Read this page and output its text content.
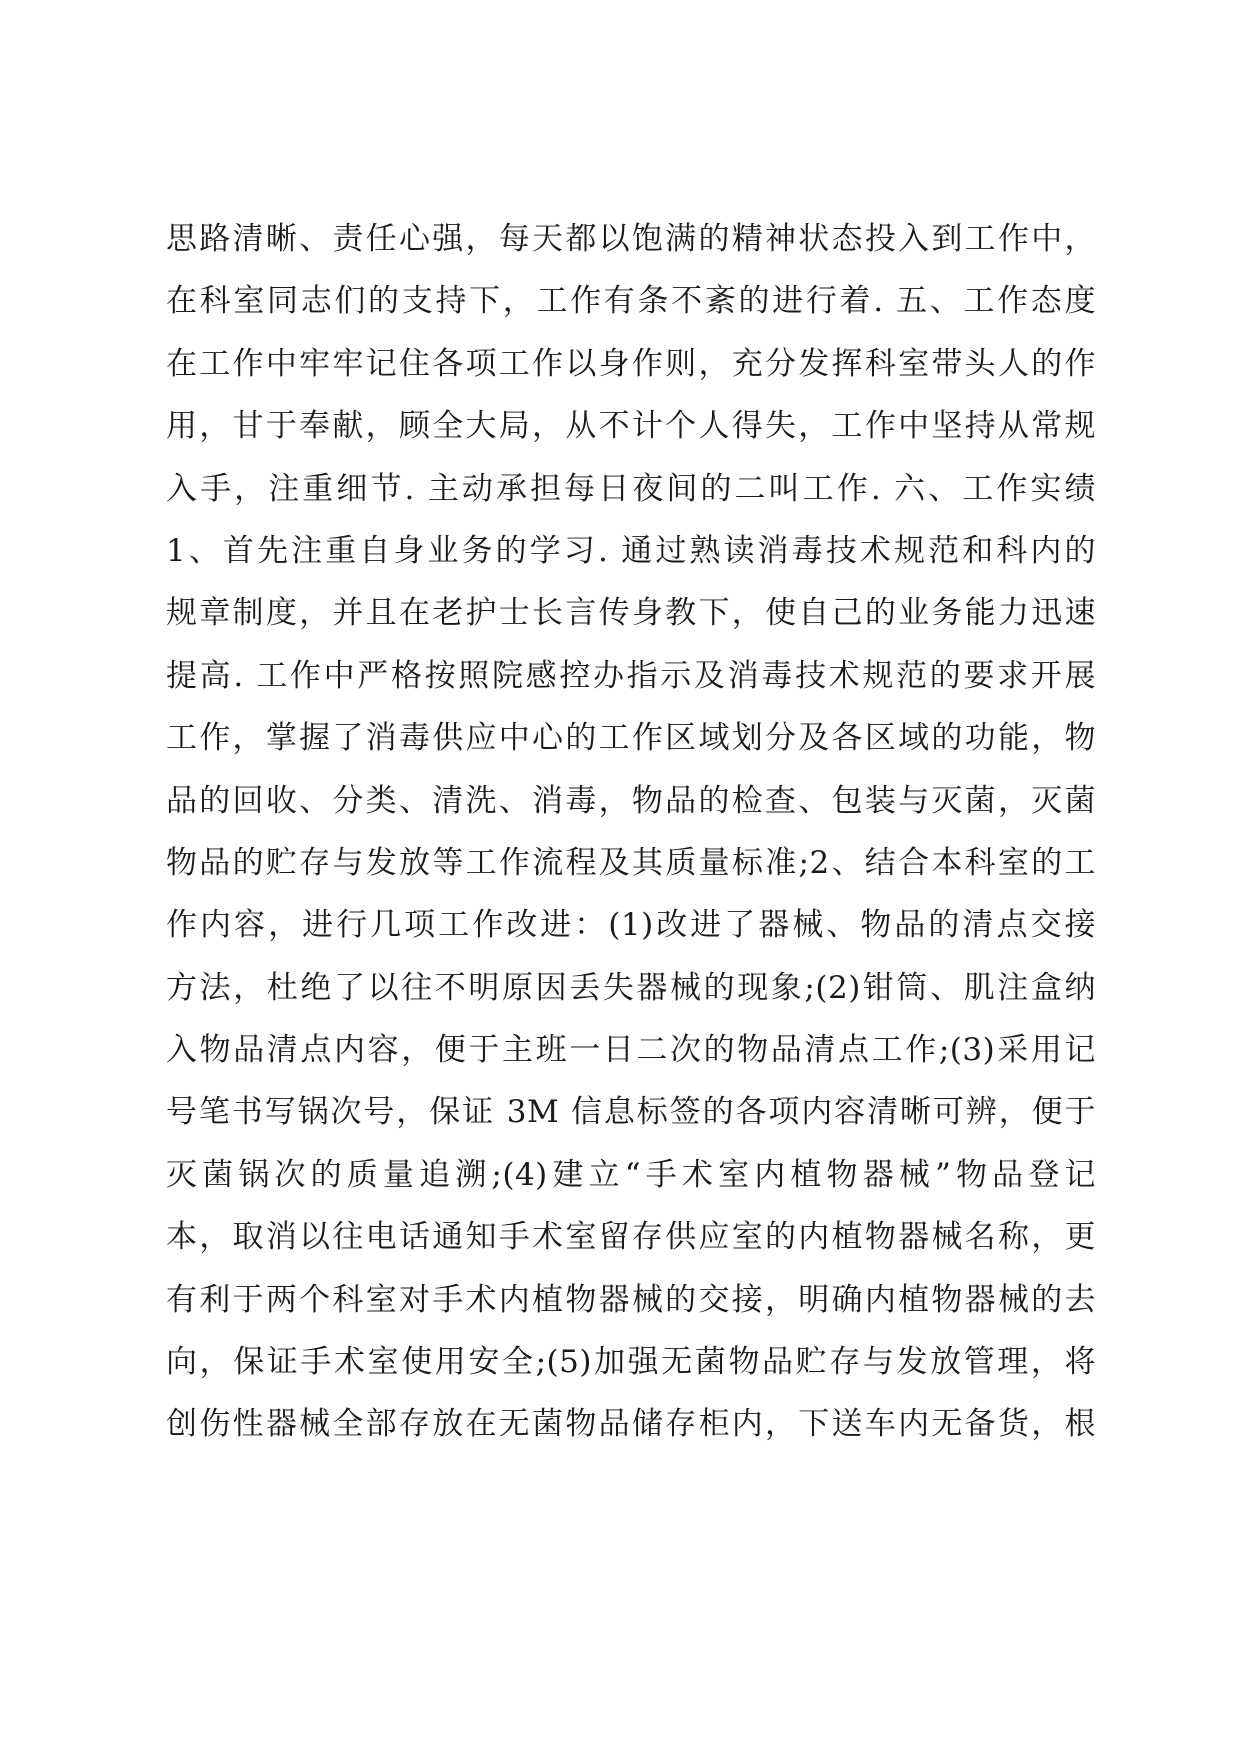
思路清晰、责任心强，每天都以饱满的精神状态投入到工作中，
在科室同志们的支持下，工作有条不紊的进行着. 五、工作态度
在工作中牢牢记住各项工作以身作则，充分发挥科室带头人的作
用，甘于奉献，顾全大局，从不计个人得失，工作中坚持从常规
入手，注重细节. 主动承担每日夜间的二叫工作. 六、工作实绩
1、首先注重自身业务的学习. 通过熟读消毒技术规范和科内的
规章制度，并且在老护士长言传身教下，使自己的业务能力迅速
提高. 工作中严格按照院感控办指示及消毒技术规范的要求开展
工作，掌握了消毒供应中心的工作区域划分及各区域的功能，物
品的回收、分类、清洗、消毒，物品的检查、包装与灭菌，灭菌
物品的贮存与发放等工作流程及其质量标准;2、结合本科室的工
作内容，进行几项工作改进：(1)改进了器械、物品的清点交接
方法，杜绝了以往不明原因丢失器械的现象;(2)钳筒、肌注盒纳
入物品清点内容，便于主班一日二次的物品清点工作;(3)采用记
号笔书写锅次号，保证 3M 信息标签的各项内容清晰可辨，便于
灭菌锅次的质量追溯;(4)建立“手术室内植物器械”物品登记
本，取消以往电话通知手术室留存供应室的内植物器械名称，更
有利于两个科室对手术内植物器械的交接，明确内植物器械的去
向，保证手术室使用安全;(5)加强无菌物品贮存与发放管理，将
创伤性器械全部存放在无菌物品储存柜内，下送车内无备货，根
